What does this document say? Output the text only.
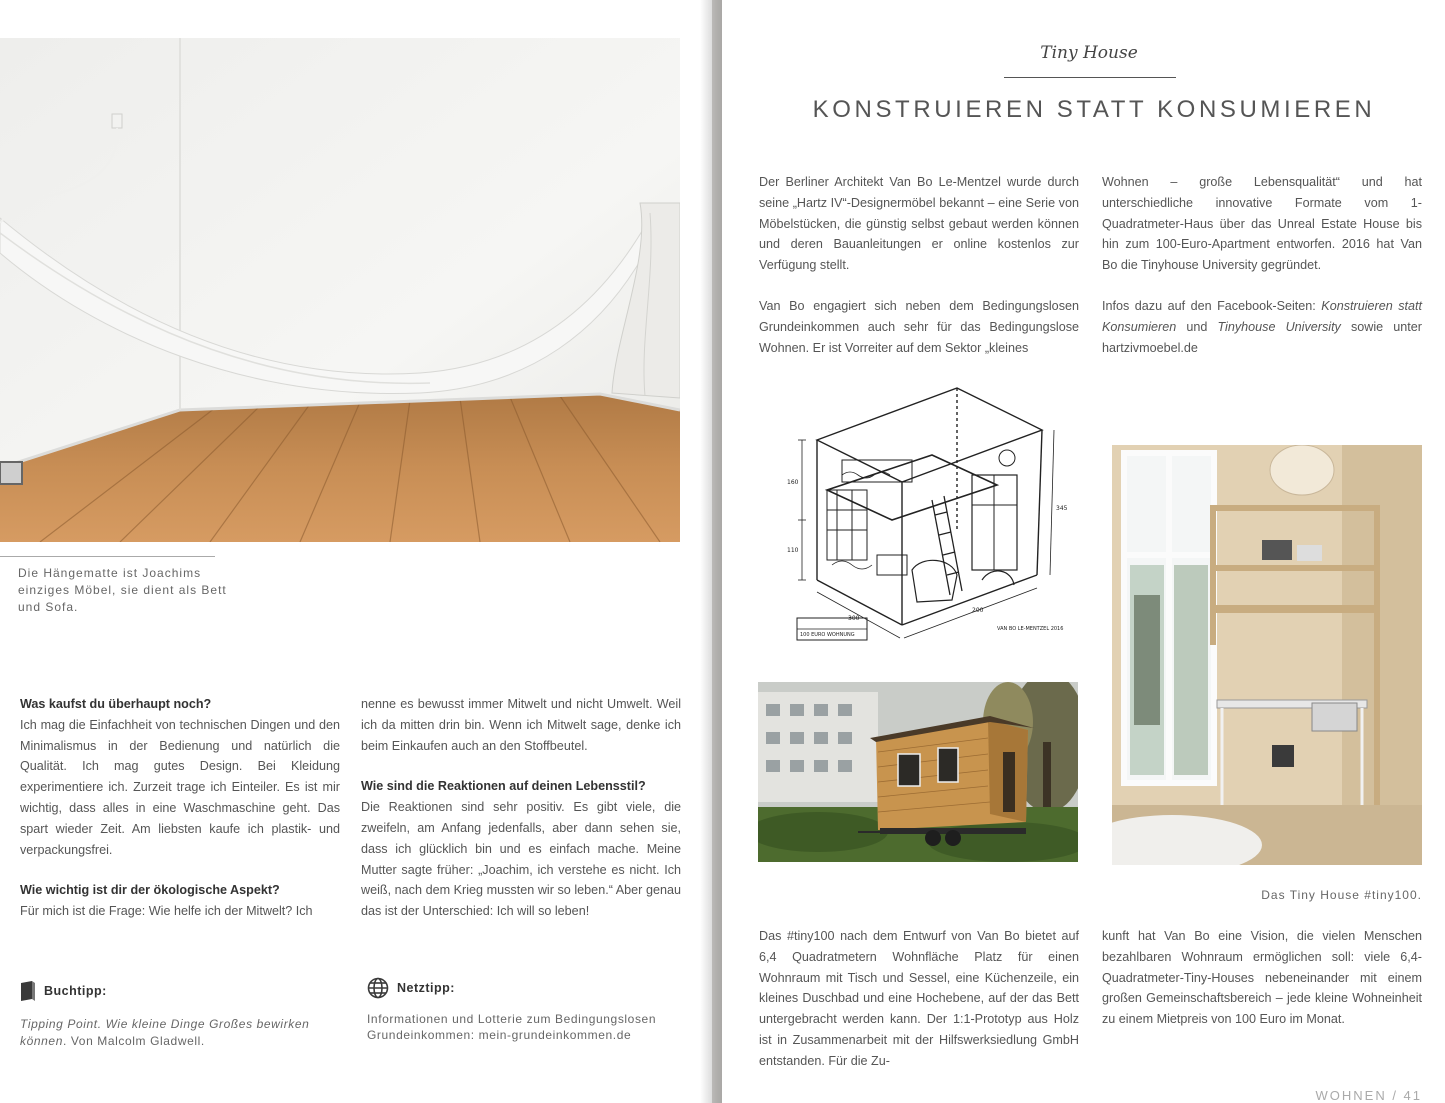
Die Hängematte ist Joachims einziges Möbel, sie dient als Bett und Sofa.

Was kaufst du überhaupt noch?

Ich mag die Einfachheit von technischen Dingen und den Minimalismus in der Bedienung und natürlich die Qualität. Ich mag gutes Design. Bei Kleidung experimentiere ich. Zurzeit trage ich Einteiler. Es ist mir wichtig, dass alles in eine Waschmaschine geht. Das spart wieder Zeit. Am liebsten kaufe ich plastik- und verpackungsfrei.

Wie wichtig ist dir der ökologische Aspekt?

Für mich ist die Frage: Wie helfe ich der Mitwelt? Ich

nenne es bewusst immer Mitwelt und nicht Umwelt. Weil ich da mitten drin bin. Wenn ich Mitwelt sage, denke ich beim Einkaufen auch an den Stoffbeutel.

Wie sind die Reaktionen auf deinen Lebensstil?

Die Reaktionen sind sehr positiv. Es gibt viele, die zweifeln, am Anfang jedenfalls, aber dann sehen sie, dass ich glücklich bin und es einfach mache. Meine Mutter sagte früher: „Joachim, ich verstehe es nicht. Ich weiß, nach dem Krieg mussten wir so leben.“ Aber genau das ist der Unterschied: Ich will so leben!

Buchtipp:
Tipping Point. Wie kleine Dinge Großes bewirken können. Von Malcolm Gladwell.
Netztipp:
Informationen und Lotterie zum Bedingungslosen Grundeinkommen: mein-grundeinkommen.de
Tiny House
KONSTRUIEREN STATT KONSUMIEREN

Der Berliner Architekt Van Bo Le-Mentzel wurde durch seine „Hartz IV“-Designermöbel bekannt – eine Serie von Möbelstücken, die günstig selbst gebaut werden können und deren Bauanleitungen er online kostenlos zur Verfügung stellt.

Van Bo engagiert sich neben dem Bedingungslosen Grundeinkommen auch sehr für das Bedingungslose Wohnen. Er ist Vorreiter auf dem Sektor „kleines

Wohnen – große Lebensqualität“ und hat unterschiedliche innovative Formate vom 1-Quadratmeter-Haus über das Unreal Estate House bis hin zum 100-Euro-Apartment entworfen. 2016 hat Van Bo die Tinyhouse University gegründet.

Infos dazu auf den Facebook-Seiten: Konstruieren statt Konsumieren und Tinyhouse University sowie unter hartzivmoebel.de

160
110
300
200
345
100 EURO WOHNUNG
VAN BO LE-MENTZEL 2016
Das Tiny House #tiny100.
Das #tiny100 nach dem Entwurf von Van Bo bietet auf 6,4 Quadratmetern Wohnfläche Platz für einen Wohnraum mit Tisch und Sessel, eine Küchenzeile, ein kleines Duschbad und eine Hochebene, auf der das Bett untergebracht werden kann. Der 1:1-Prototyp aus Holz ist in Zusammenarbeit mit der Hilfswerksiedlung GmbH entstanden. Für die Zu-
kunft hat Van Bo eine Vision, die vielen Menschen bezahlbaren Wohnraum ermöglichen soll: viele 6,4-Quadratmeter-Tiny-Houses nebeneinander mit einem großen Gemeinschaftsbereich – jede kleine Wohneinheit zu einem Mietpreis von 100 Euro im Monat.
WOHNEN / 41
